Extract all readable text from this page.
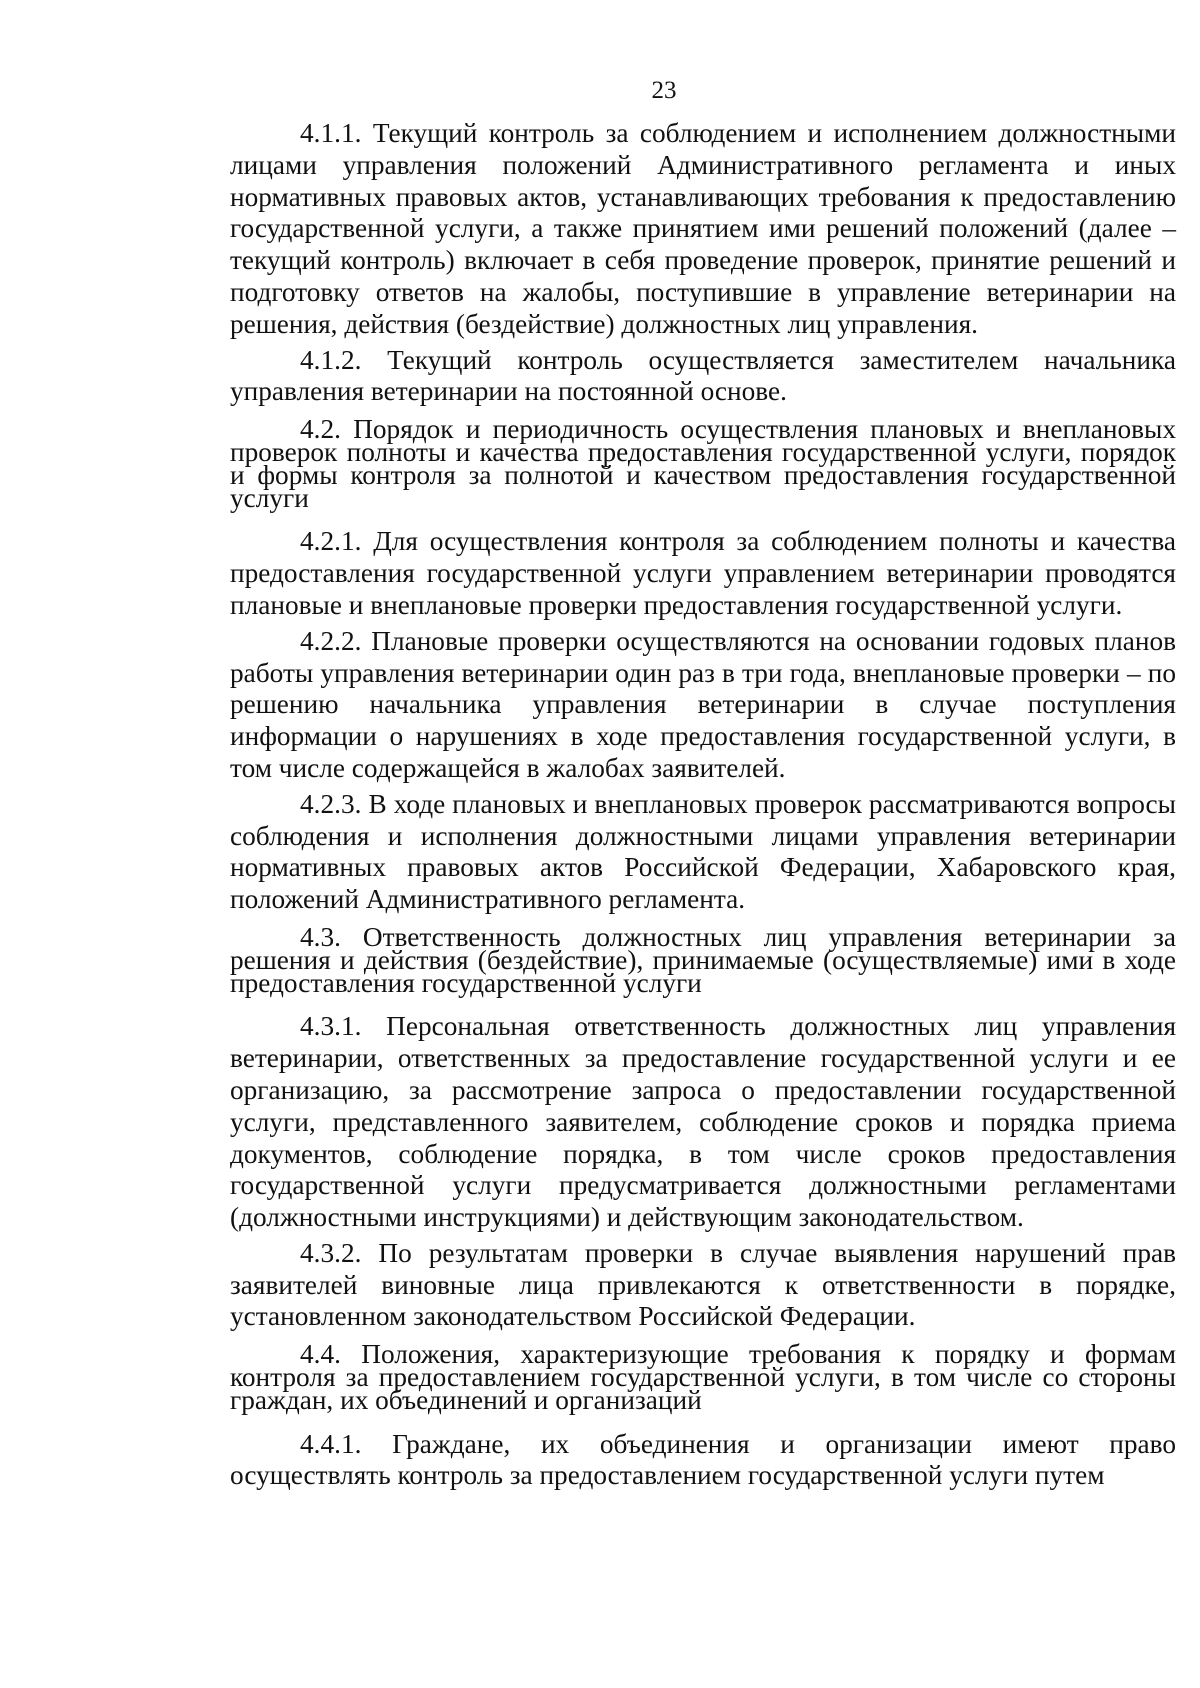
23

4.1.1. Текущий контроль за соблюдением и исполнением должностными лицами управления положений Административного регламента и иных нормативных правовых актов, устанавливающих требования к предоставлению государственной услуги, а также принятием ими решений положений (далее – текущий контроль) включает в себя проведение проверок, принятие решений и подготовку ответов на жалобы, поступившие в управление ветеринарии на решения, действия (бездействие) должностных лиц управления.

4.1.2. Текущий контроль осуществляется заместителем начальника управления ветеринарии на постоянной основе.

4.2. Порядок и периодичность осуществления плановых и внеплановых проверок полноты и качества предоставления государственной услуги, порядок и формы контроля за полнотой и качеством предоставления государственной услуги

4.2.1. Для осуществления контроля за соблюдением полноты и качества предоставления государственной услуги управлением ветеринарии проводятся плановые и внеплановые проверки предоставления государственной услуги.

4.2.2. Плановые проверки осуществляются на основании годовых планов работы управления ветеринарии один раз в три года, внеплановые проверки – по решению начальника управления ветеринарии в случае поступления информации о нарушениях в ходе предоставления государственной услуги, в том числе содержащейся в жалобах заявителей.

4.2.3. В ходе плановых и внеплановых проверок рассматриваются вопросы соблюдения и исполнения должностными лицами управления ветеринарии нормативных правовых актов Российской Федерации, Хабаровского края, положений Административного регламента.

4.3. Ответственность должностных лиц управления ветеринарии за решения и действия (бездействие), принимаемые (осуществляемые) ими в ходе предоставления государственной услуги

4.3.1. Персональная ответственность должностных лиц управления ветеринарии, ответственных за предоставление государственной услуги и ее организацию, за рассмотрение запроса о предоставлении государственной услуги, представленного заявителем, соблюдение сроков и порядка приема документов, соблюдение порядка, в том числе сроков предоставления государственной услуги предусматривается должностными регламентами (должностными инструкциями) и действующим законодательством.

4.3.2. По результатам проверки в случае выявления нарушений прав заявителей виновные лица привлекаются к ответственности в порядке, установленном законодательством Российской Федерации.

4.4. Положения, характеризующие требования к порядку и формам контроля за предоставлением государственной услуги, в том числе со стороны граждан, их объединений и организаций

4.4.1. Граждане, их объединения и организации имеют право осуществлять контроль за предоставлением государственной услуги путем
